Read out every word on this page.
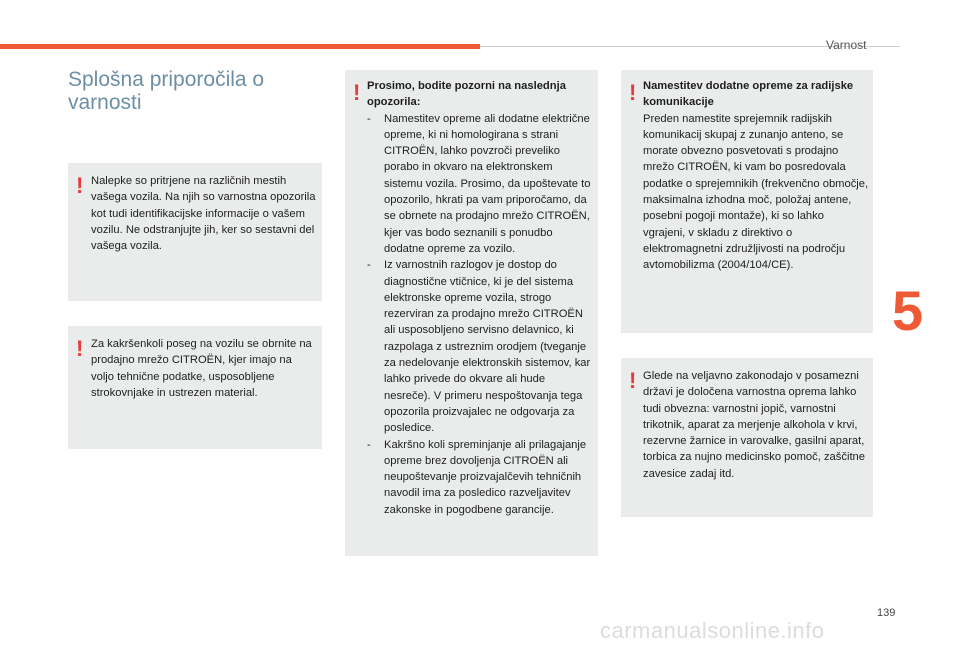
Varnost
5
Splošna priporočila o varnosti
! Nalepke so pritrjene na različnih mestih vašega vozila. Na njih so varnostna opozorila kot tudi identifikacijske informacije o vašem vozilu. Ne odstranjujte jih, ker so sestavni del vašega vozila.
! Za kakršenkoli poseg na vozilu se obrnite na prodajno mrežo CITROËN, kjer imajo na voljo tehnične podatke, usposobljene strokovnjake in ustrezen material.
! Prosimo, bodite pozorni na naslednja opozorila:
- Namestitev opreme ali dodatne električne opreme, ki ni homologirana s strani CITROËN, lahko povzroči preveliko porabo in okvaro na elektronskem sistemu vozila. Prosimo, da upoštevate to opozorilo, hkrati pa vam priporočamo, da se obrnete na prodajno mrežo CITROËN, kjer vas bodo seznanili s ponudbo dodatne opreme za vozilo.
- Iz varnostnih razlogov je dostop do diagnostične vtičnice, ki je del sistema elektronske opreme vozila, strogo rezerviran za prodajno mrežo CITROËN ali usposobljeno servisno delavnico, ki razpolaga z ustreznim orodjem (tveganje za nedelovanje elektronskih sistemov, kar lahko privede do okvare ali hude nesreče). V primeru nespoštovanja tega opozorila proizvajalec ne odgovarja za posledice.
- Kakršno koli spreminjanje ali prilagajanje opreme brez dovoljenja CITROËN ali neupoštevanje proizvajalčevih tehničnih navodil ima za posledico razveljavitev zakonske in pogodbene garancije.
! Namestitev dodatne opreme za radijske komunikacije
Preden namestite sprejemnik radijskih komunikacij skupaj z zunanjo anteno, se morate obvezno posvetovati s prodajno mrežo CITROËN, ki vam bo posredovala podatke o sprejemnikih (frekvenčno območje, maksimalna izhodna moč, položaj antene, posebni pogoji montaže), ki so lahko vgrajeni, v skladu z direktivo o elektromagnetni združljivosti na področju avtomobilizma (2004/104/CE).
! Glede na veljavno zakonodajo v posamezni državi je določena varnostna oprema lahko tudi obvezna: varnostni jopič, varnostni trikotnik, aparat za merjenje alkohola v krvi, rezervne žarnice in varovalke, gasilni aparat, torbica za nujno medicinsko pomoč, zaščitne zavesice zadaj itd.
139
carmanualsonline.info
